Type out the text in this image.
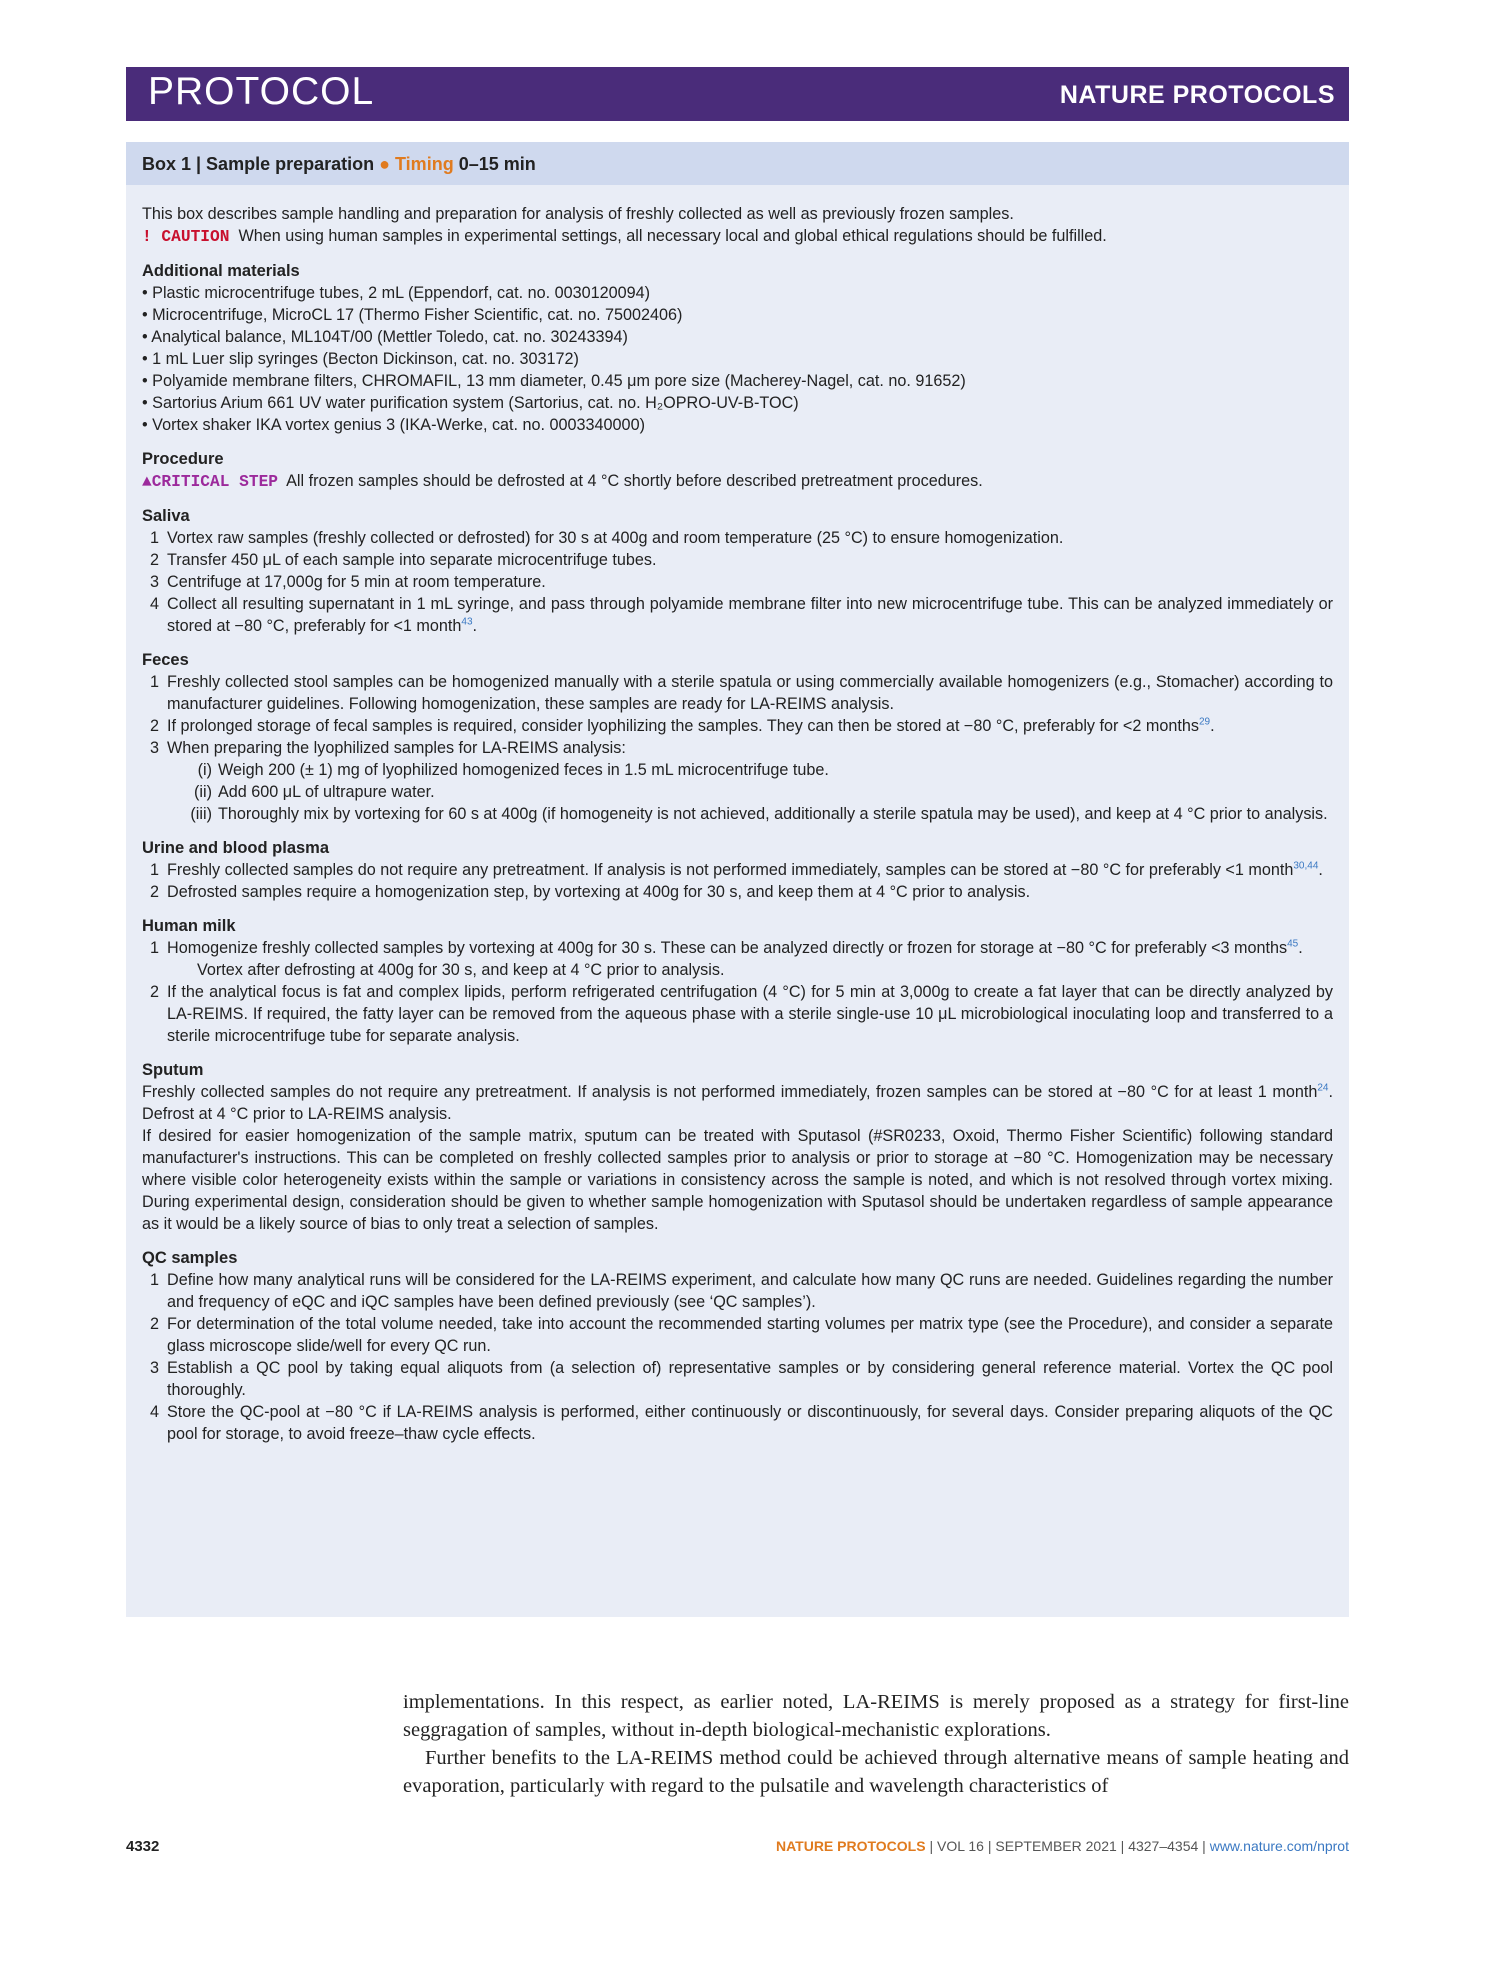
PROTOCOL	NATURE PROTOCOLS
Box 1 | Sample preparation ● Timing 0–15 min

This box describes sample handling and preparation for analysis of freshly collected as well as previously frozen samples.

! CAUTION When using human samples in experimental settings, all necessary local and global ethical regulations should be fulfilled.

Additional materials

• Plastic microcentrifuge tubes, 2 mL (Eppendorf, cat. no. 0030120094)
• Microcentrifuge, MicroCL 17 (Thermo Fisher Scientific, cat. no. 75002406)
• Analytical balance, ML104T/00 (Mettler Toledo, cat. no. 30243394)
• 1 mL Luer slip syringes (Becton Dickinson, cat. no. 303172)
• Polyamide membrane filters, CHROMAFIL, 13 mm diameter, 0.45 μm pore size (Macherey-Nagel, cat. no. 91652)
• Sartorius Arium 661 UV water purification system (Sartorius, cat. no. H₂OPRO-UV-B-TOC)
• Vortex shaker IKA vortex genius 3 (IKA-Werke, cat. no. 0003340000)

Procedure

▲CRITICAL STEP All frozen samples should be defrosted at 4 °C shortly before described pretreatment procedures.

Saliva

1 Vortex raw samples (freshly collected or defrosted) for 30 s at 400g and room temperature (25 °C) to ensure homogenization.
2 Transfer 450 μL of each sample into separate microcentrifuge tubes.
3 Centrifuge at 17,000g for 5 min at room temperature.
4 Collect all resulting supernatant in 1 mL syringe, and pass through polyamide membrane filter into new microcentrifuge tube. This can be analyzed immediately or stored at −80 °C, preferably for <1 month$^{43}$.

Feces

1 Freshly collected stool samples can be homogenized manually with a sterile spatula or using commercially available homogenizers (e.g., Stomacher) according to manufacturer guidelines. Following homogenization, these samples are ready for LA-REIMS analysis.
2 If prolonged storage of fecal samples is required, consider lyophilizing the samples. They can then be stored at −80 °C, preferably for <2 months$^{29}$.
3 When preparing the lyophilized samples for LA-REIMS analysis:
(i) Weigh 200 (± 1) mg of lyophilized homogenized feces in 1.5 mL microcentrifuge tube.
(ii) Add 600 μL of ultrapure water.
(iii) Thoroughly mix by vortexing for 60 s at 400g (if homogeneity is not achieved, additionally a sterile spatula may be used), and keep at 4 °C prior to analysis.

Urine and blood plasma

1 Freshly collected samples do not require any pretreatment. If analysis is not performed immediately, samples can be stored at −80 °C for preferably <1 month$^{30,44}$.
2 Defrosted samples require a homogenization step, by vortexing at 400g for 30 s, and keep them at 4 °C prior to analysis.

Human milk

1 Homogenize freshly collected samples by vortexing at 400g for 30 s. These can be analyzed directly or frozen for storage at −80 °C for preferably <3 months$^{45}$.
Vortex after defrosting at 400g for 30 s, and keep at 4 °C prior to analysis.
2 If the analytical focus is fat and complex lipids, perform refrigerated centrifugation (4 °C) for 5 min at 3,000g to create a fat layer that can be directly analyzed by LA-REIMS. If required, the fatty layer can be removed from the aqueous phase with a sterile single-use 10 μL microbiological inoculating loop and transferred to a sterile microcentrifuge tube for separate analysis.

Sputum

Freshly collected samples do not require any pretreatment. If analysis is not performed immediately, frozen samples can be stored at −80 °C for at least 1 month$^{24}$. Defrost at 4 °C prior to LA-REIMS analysis.

If desired for easier homogenization of the sample matrix, sputum can be treated with Sputasol (#SR0233, Oxoid, Thermo Fisher Scientific) following standard manufacturer's instructions. This can be completed on freshly collected samples prior to analysis or prior to storage at −80 °C. Homogenization may be necessary where visible color heterogeneity exists within the sample or variations in consistency across the sample is noted, and which is not resolved through vortex mixing. During experimental design, consideration should be given to whether sample homogenization with Sputasol should be undertaken regardless of sample appearance as it would be a likely source of bias to only treat a selection of samples.

QC samples

1 Define how many analytical runs will be considered for the LA-REIMS experiment, and calculate how many QC runs are needed. Guidelines regarding the number and frequency of eQC and iQC samples have been defined previously (see ‘QC samples’).
2 For determination of the total volume needed, take into account the recommended starting volumes per matrix type (see the Procedure), and consider a separate glass microscope slide/well for every QC run.
3 Establish a QC pool by taking equal aliquots from (a selection of) representative samples or by considering general reference material. Vortex the QC pool thoroughly.
4 Store the QC-pool at −80 °C if LA-REIMS analysis is performed, either continuously or discontinuously, for several days. Consider preparing aliquots of the QC pool for storage, to avoid freeze–thaw cycle effects.

implementations. In this respect, as earlier noted, LA-REIMS is merely proposed as a strategy for first-line seggragation of samples, without in-depth biological-mechanistic explorations.

Further benefits to the LA-REIMS method could be achieved through alternative means of sample heating and evaporation, particularly with regard to the pulsatile and wavelength characteristics of

4332	NATURE PROTOCOLS | VOL 16 | SEPTEMBER 2021 | 4327–4354 | www.nature.com/nprot
